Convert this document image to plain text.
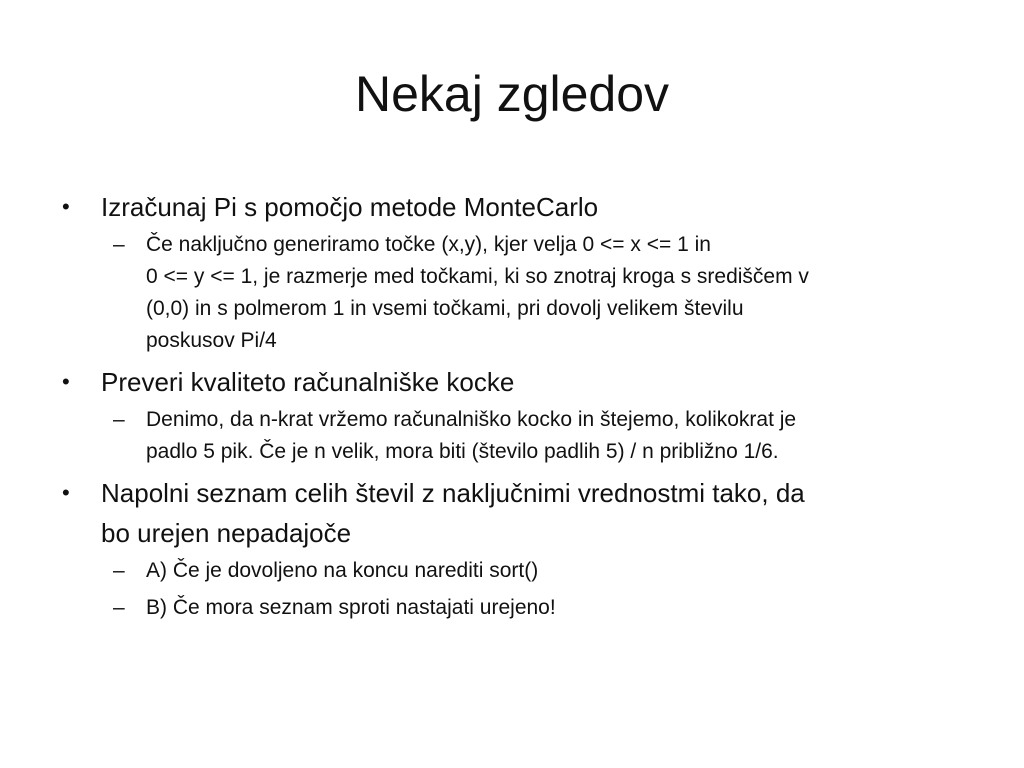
Nekaj zgledov
• Izračunaj Pi s pomočjo metode MonteCarlo
– Če naključno generiramo točke (x,y), kjer velja 0 <= x <= 1 in
0 <= y <= 1, je razmerje med točkami, ki so znotraj kroga s središčem v
(0,0) in s polmerom 1 in vsemi točkami, pri dovolj velikem številu
poskusov Pi/4
• Preveri kvaliteto računalniške kocke
– Denimo, da n-krat vržemo računalniško kocko in štejemo, kolikokrat je
padlo 5 pik. Če je n velik, mora biti (število padlih 5) / n približno 1/6.
• Napolni seznam celih števil z naključnimi vrednostmi tako, da
bo urejen nepadajoče
– A) Če je dovoljeno na koncu narediti sort()
– B) Če mora seznam sproti nastajati urejeno!
